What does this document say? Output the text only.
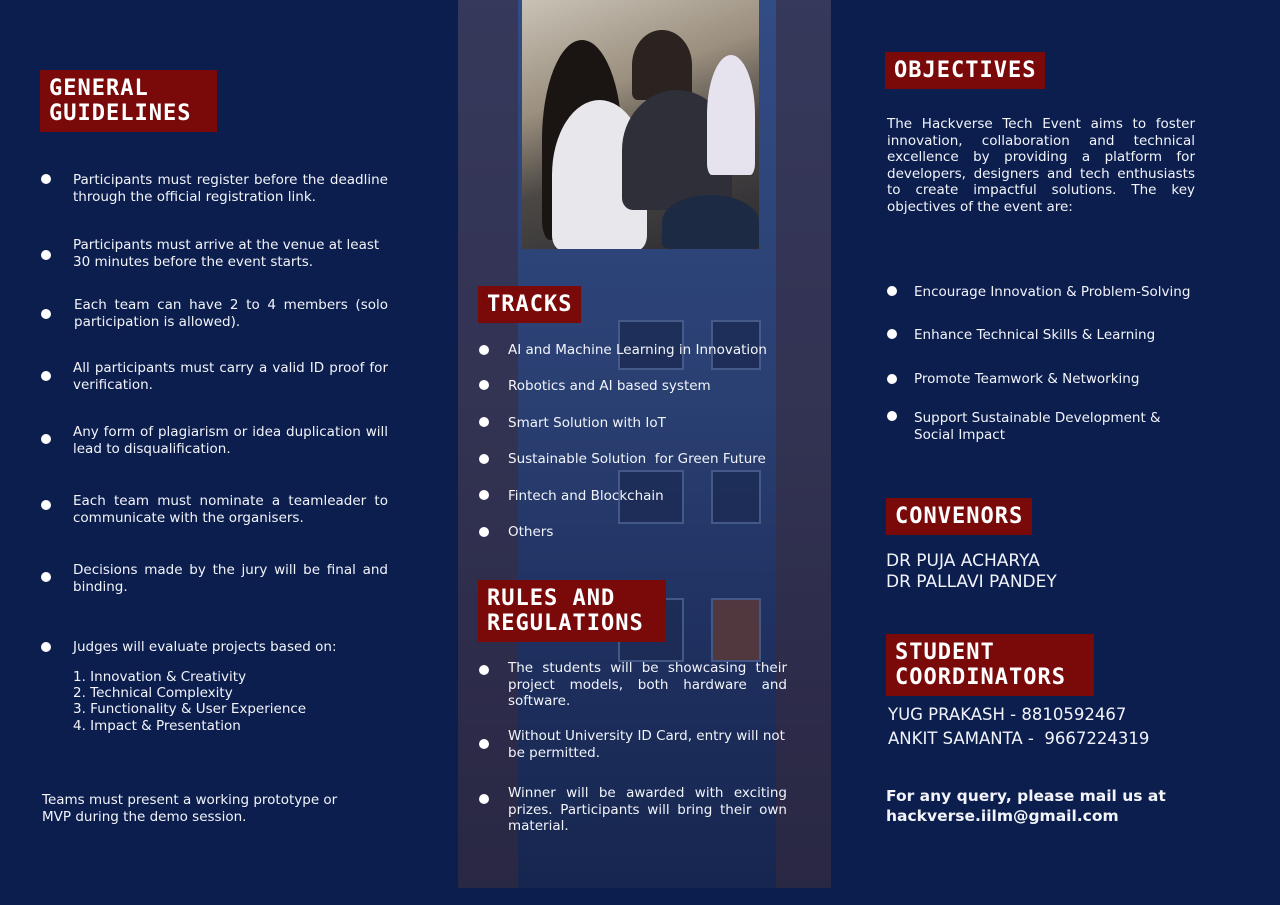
GENERAL GUIDELINES
Participants must register before the deadline through the official registration link.
Participants must arrive at the venue at least 30 minutes before the event starts.
Each team can have 2 to 4 members (solo participation is allowed).
All participants must carry a valid ID proof for verification.
Any form of plagiarism or idea duplication will lead to disqualification.
Each team must nominate a teamleader to communicate with the organisers.
Decisions made by the jury will be final and binding.
Judges will evaluate projects based on:
1. Innovation & Creativity
2. Technical Complexity
3. Functionality & User Experience
4. Impact & Presentation
Teams must present a working prototype or MVP during the demo session.
TRACKS
AI and Machine Learning in Innovation
Robotics and AI based system
Smart Solution with IoT
Sustainable Solution  for Green Future
Fintech and Blockchain
Others
RULES AND REGULATIONS
The students will be showcasing their project models, both hardware and software.
Without University ID Card, entry will not be permitted.
Winner will be awarded with exciting prizes. Participants will bring their own material.
OBJECTIVES
The Hackverse Tech Event aims to foster innovation, collaboration and technical excellence by providing a platform for developers, designers and tech enthusiasts to create impactful solutions. The key objectives of the event are:
Encourage Innovation & Problem-Solving
Enhance Technical Skills & Learning
Promote Teamwork & Networking
Support Sustainable Development & Social Impact
CONVENORS
DR PUJA ACHARYA
DR PALLAVI PANDEY
STUDENT COORDINATORS
YUG PRAKASH - 8810592467
ANKIT SAMANTA -  9667224319
For any query, please mail us at
hackverse.iilm@gmail.com
